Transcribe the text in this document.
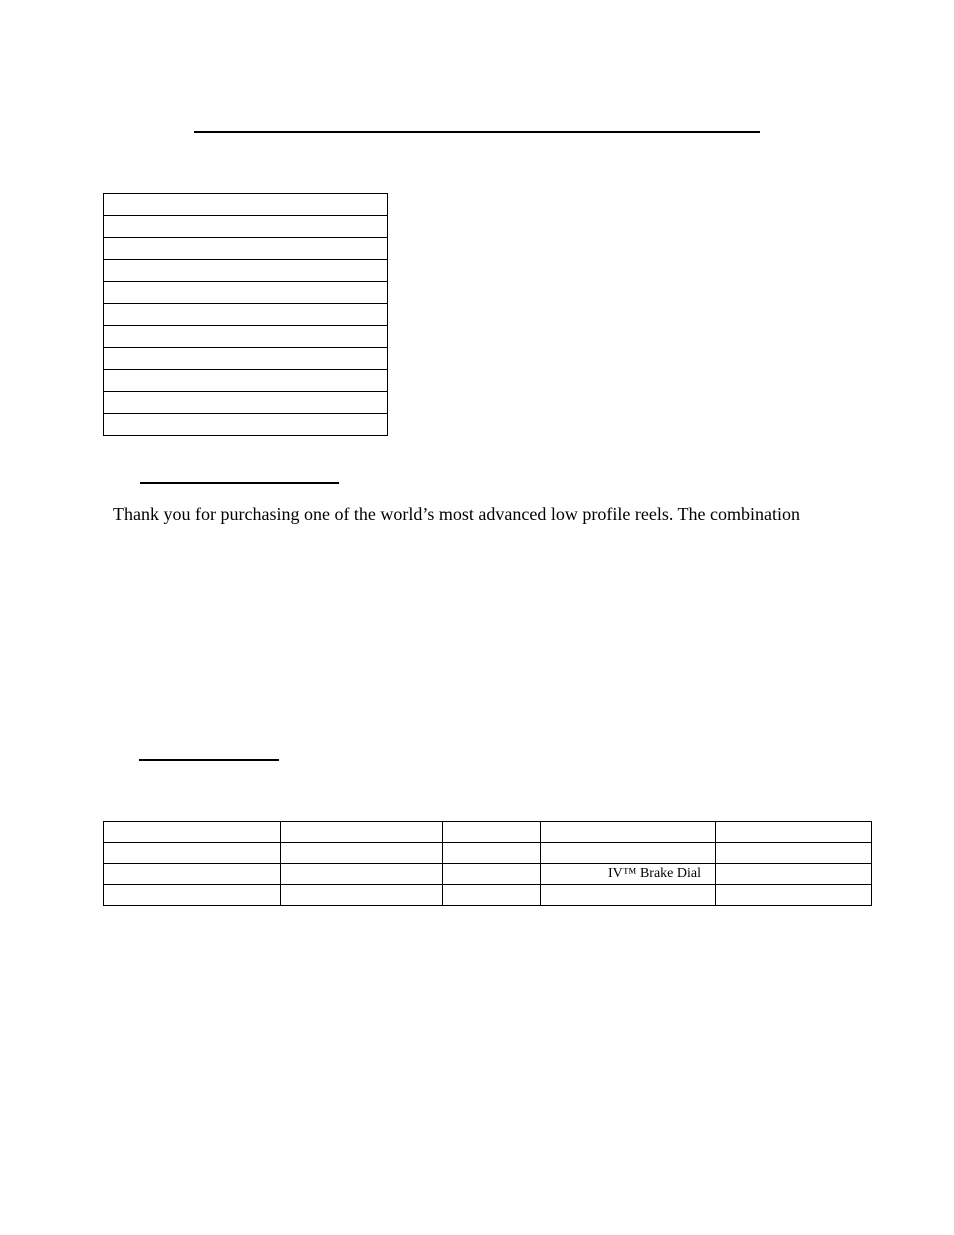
Thank you for purchasing one of the world’s most advanced low profile reels. The combination

			IV™ Brake Dial	
